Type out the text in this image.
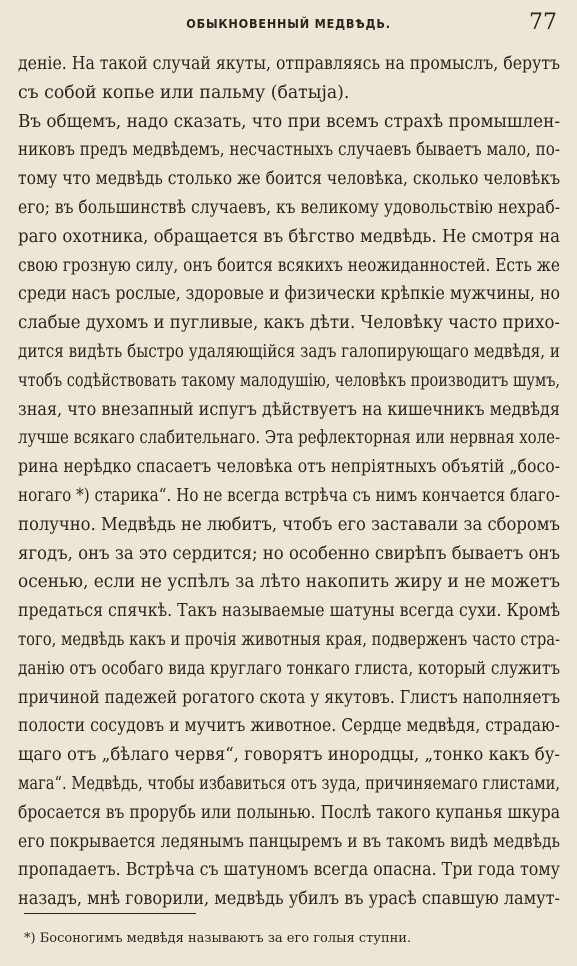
ОБЫКНОВЕННЫЙ МЕДВѢДЬ.	77
деніе. На такой случай якуты, отправляясь на промыслъ, берутъ
съ собой копье или пальму (батыја).
Въ общемъ, надо сказать, что при всемъ страхѣ промышлен-
никовъ предъ медвѣдемъ, несчастныхъ случаевъ бываетъ мало, по-
тому что медвѣдь столько же боится человѣка, сколько человѣкъ
его; въ большинствѣ случаевъ, къ великому удовольствію нехраб-
раго охотника, обращается въ бѣгство медвѣдь. Не смотря на
свою грозную силу, онъ боится всякихъ неожиданностей. Есть же
среди насъ рослые, здоровые и физически крѣпкіе мужчины, но
слабые духомъ и пугливые, какъ дѣти. Человѣку часто прихо-
дится видѣть быстро удаляющійся задъ галопирующаго медвѣдя, и
чтобъ содѣйствовать такому малодушію, человѣкъ производитъ шумъ,
зная, что внезапный испугъ дѣйствуетъ на кишечникъ медвѣдя
лучше всякаго слабительнаго. Эта рефлекторная или нервная холе-
рина нерѣдко спасаетъ человѣка отъ непріятныхъ объятій „босо-
ногаго *) старика“. Но не всегда встрѣча съ нимъ кончается благо-
получно. Медвѣдь не любитъ, чтобъ его заставали за сборомъ
ягодъ, онъ за это сердится; но особенно свирѣпъ бываетъ онъ
осенью, если не успѣлъ за лѣто накопить жиру и не можетъ
предаться спячкѣ. Такъ называемые шатуны всегда сухи. Кромѣ
того, медвѣдь какъ и прочія животныя края, подверженъ часто стра-
данію отъ особаго вида круглаго тонкаго глиста, который служитъ
причиной падежей рогатого скота у якутовъ. Глистъ наполняетъ
полости сосудовъ и мучитъ животное. Сердце медвѣдя, страдаю-
щаго отъ „бѣлаго червя“, говорятъ инородцы, „тонко какъ бу-
мага“. Медвѣдь, чтобы избавиться отъ зуда, причиняемаго глистами,
бросается въ прорубь или полынью. Послѣ такого купанья шкура
его покрывается ледянымъ панцыремъ и въ такомъ видѣ медвѣдь
пропадаетъ. Встрѣча съ шатуномъ всегда опасна. Три года тому
назадъ, мнѣ говорили, медвѣдь убилъ въ урасѣ спавшую ламут-
*) Босоногимъ медвѣдя называютъ за его голыя ступни.
